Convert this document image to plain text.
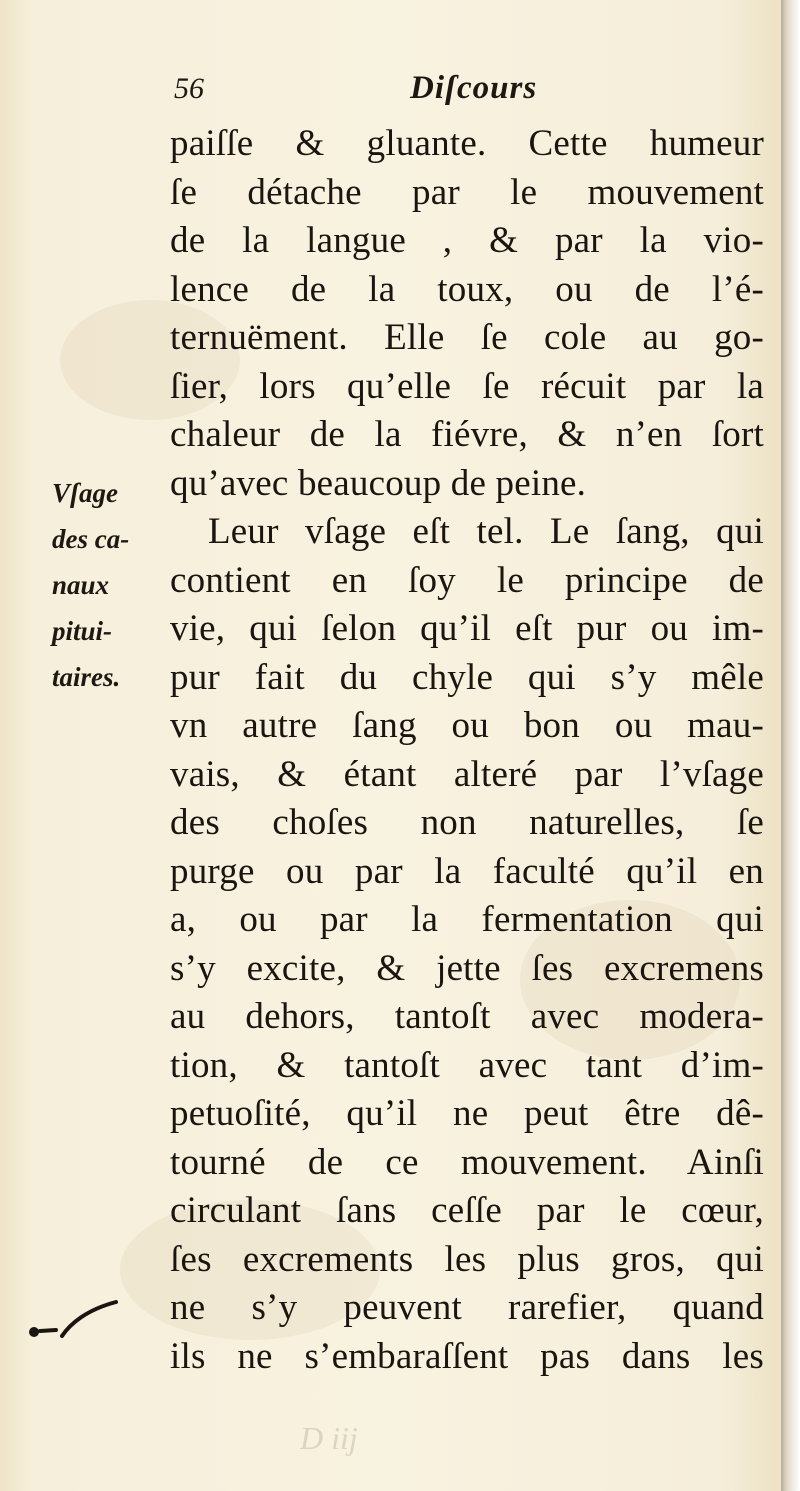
56	Diſcours
Vſage
des ca-
naux
pitui-
taires.
paiſſe & gluante. Cette humeur
ſe détache par le mouvement
de la langue , & par la vio-
lence de la toux, ou de l’é-
ternuëment. Elle ſe cole au go-
ſier, lors qu’elle ſe récuit par la
chaleur de la fiévre, & n’en ſort
qu’avec beaucoup de peine.
Leur vſage eſt tel. Le ſang, qui
contient en ſoy le principe de
vie, qui ſelon qu’il eſt pur ou im-
pur fait du chyle qui s’y mêle
vn autre ſang ou bon ou mau-
vais, & étant alteré par l’vſage
des choſes non naturelles, ſe
purge ou par la faculté qu’il en
a, ou par la fermentation qui
s’y excite, & jette ſes excremens
au dehors, tantoſt avec modera-
tion, & tantoſt avec tant d’im-
petuoſité, qu’il ne peut être dê-
tourné de ce mouvement. Ainſi
circulant ſans ceſſe par le cœur,
ſes excrements les plus gros, qui
ne s’y peuvent rarefier, quand
ils ne s’embaraſſent pas dans les
D iij
